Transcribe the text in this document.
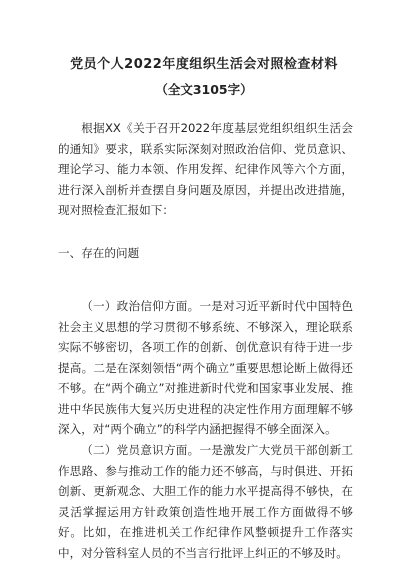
党员个人2022年度组织生活会对照检查材料

（全文3105字）

根据XX《关于召开2022年度基层党组织组织生活会的通知》要求，联系实际深刻对照政治信仰、党员意识、理论学习、能力本领、作用发挥、纪律作风等六个方面，进行深入剖析并查摆自身问题及原因，并提出改进措施，现对照检查汇报如下：

一、存在的问题

（一）政治信仰方面。一是对习近平新时代中国特色社会主义思想的学习贯彻不够系统、不够深入，理论联系实际不够密切，各项工作的创新、创优意识有待于进一步提高。二是在深刻领悟“两个确立”重要思想论断上做得还不够。在“两个确立”对推进新时代党和国家事业发展、推进中华民族伟大复兴历史进程的决定性作用方面理解不够深入，对“两个确立”的科学内涵把握得不够全面深入。

（二）党员意识方面。一是激发广大党员干部创新工作思路、参与推动工作的能力还不够高，与时俱进、开拓创新、更新观念、大胆工作的能力水平提高得不够快，在灵活掌握运用方针政策创造性地开展工作方面做得不够好。比如，在推进机关工作纪律作风整顿提升工作落实中，对分管科室人员的不当言行批评上纠正的不够及时。
